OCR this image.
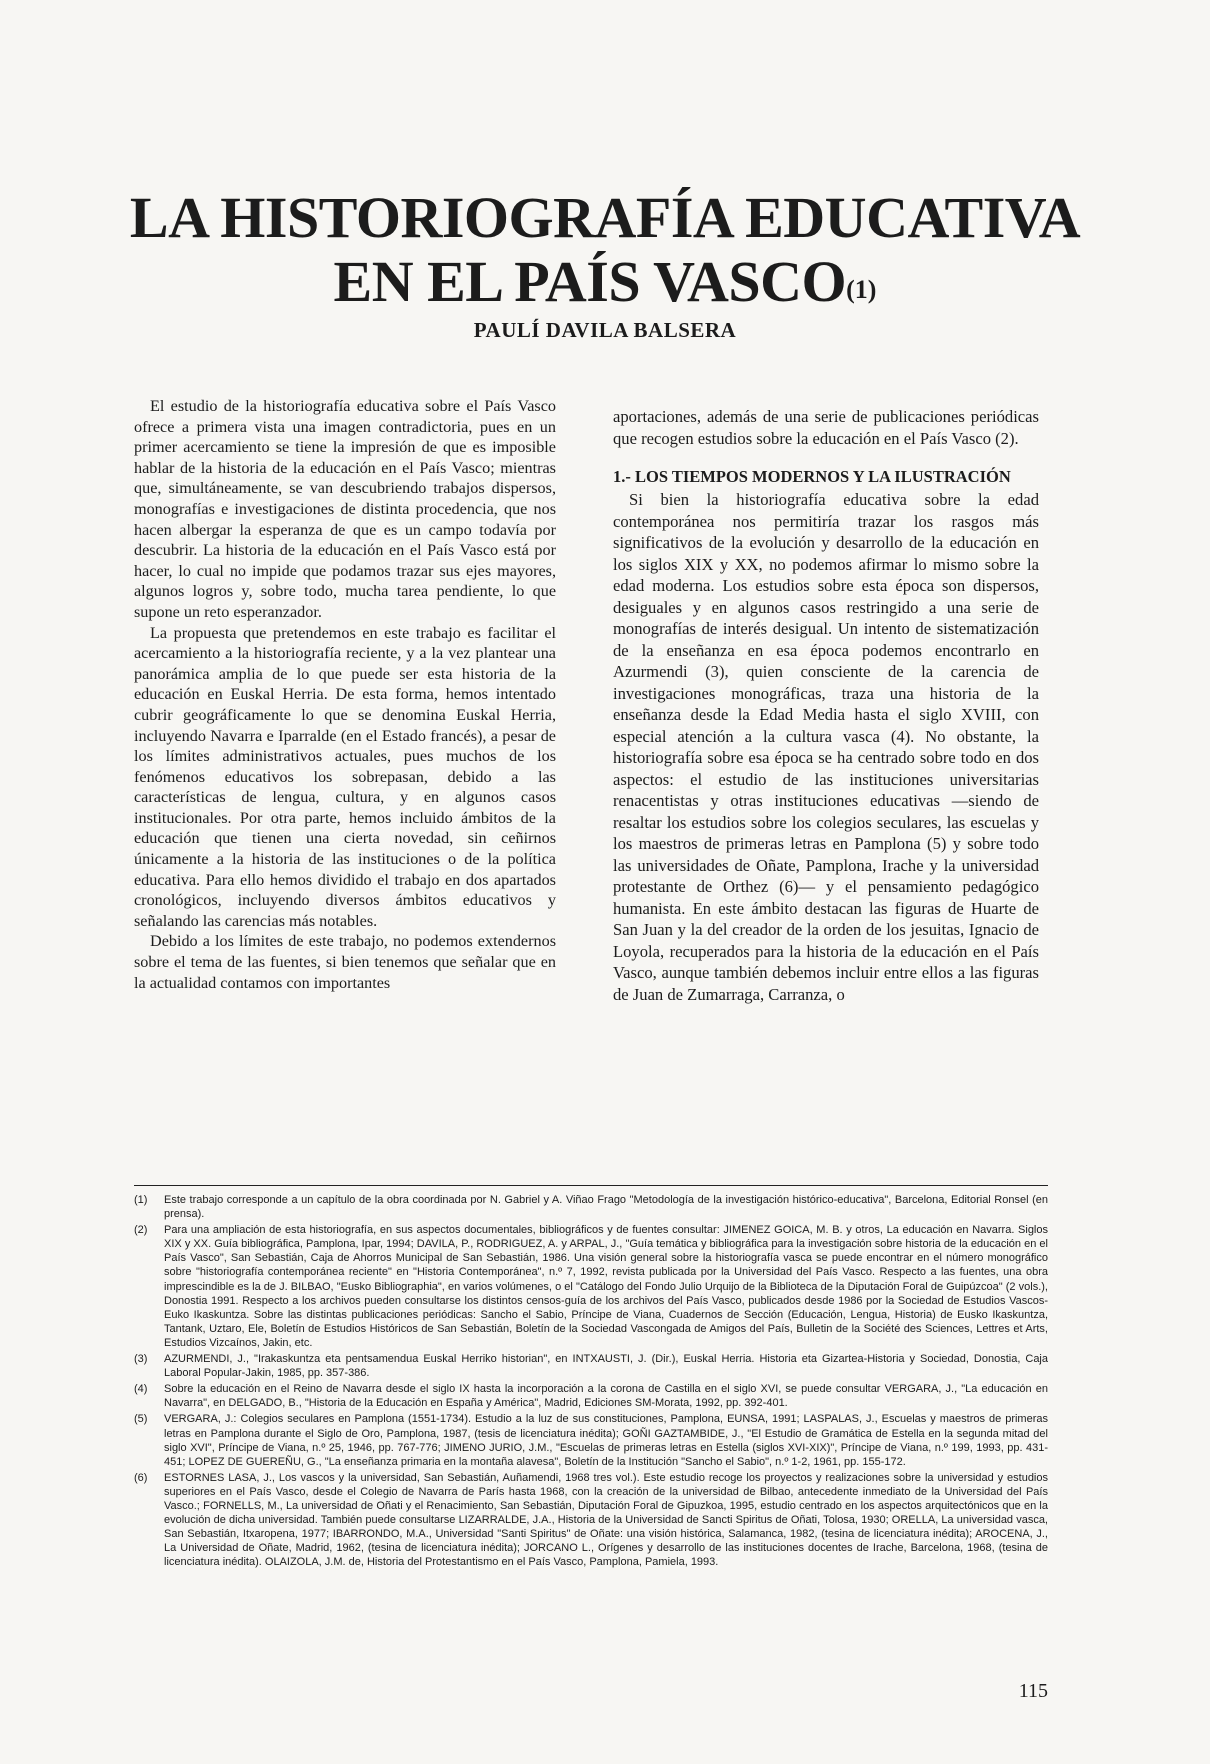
LA HISTORIOGRAFÍA EDUCATIVA
EN EL PAÍS VASCO$^{(1)}$
PAULÍ DAVILA BALSERA

El estudio de la historiografía educativa sobre el País Vasco ofrece a primera vista una imagen contradictoria, pues en un primer acercamiento se tiene la impresión de que es imposible hablar de la historia de la educación en el País Vasco; mientras que, simultáneamente, se van descubriendo trabajos dispersos, monografías e investigaciones de distinta procedencia, que nos hacen albergar la esperanza de que es un campo todavía por descubrir. La historia de la educación en el País Vasco está por hacer, lo cual no impide que podamos trazar sus ejes mayores, algunos logros y, sobre todo, mucha tarea pendiente, lo que supone un reto esperanzador.

La propuesta que pretendemos en este trabajo es facilitar el acercamiento a la historiografía reciente, y a la vez plantear una panorámica amplia de lo que puede ser esta historia de la educación en Euskal Herria. De esta forma, hemos intentado cubrir geográficamente lo que se denomina Euskal Herria, incluyendo Navarra e Iparralde (en el Estado francés), a pesar de los límites administrativos actuales, pues muchos de los fenómenos educativos los sobrepasan, debido a las características de lengua, cultura, y en algunos casos institucionales. Por otra parte, hemos incluido ámbitos de la educación que tienen una cierta novedad, sin ceñirnos únicamente a la historia de las instituciones o de la política educativa. Para ello hemos dividido el trabajo en dos apartados cronológicos, incluyendo diversos ámbitos educativos y señalando las carencias más notables.

Debido a los límites de este trabajo, no podemos extendernos sobre el tema de las fuentes, si bien tenemos que señalar que en la actualidad contamos con importantes

aportaciones, además de una serie de publicaciones periódicas que recogen estudios sobre la educación en el País Vasco (2).

1.- LOS TIEMPOS MODERNOS Y LA ILUSTRACIÓN

Si bien la historiografía educativa sobre la edad contemporánea nos permitiría trazar los rasgos más significativos de la evolución y desarrollo de la educación en los siglos XIX y XX, no podemos afirmar lo mismo sobre la edad moderna. Los estudios sobre esta época son dispersos, desiguales y en algunos casos restringido a una serie de monografías de interés desigual. Un intento de sistematización de la enseñanza en esa época podemos encontrarlo en Azurmendi (3), quien consciente de la carencia de investigaciones monográficas, traza una historia de la enseñanza desde la Edad Media hasta el siglo XVIII, con especial atención a la cultura vasca (4). No obstante, la historiografía sobre esa época se ha centrado sobre todo en dos aspectos: el estudio de las instituciones universitarias renacentistas y otras instituciones educativas —siendo de resaltar los estudios sobre los colegios seculares, las escuelas y los maestros de primeras letras en Pamplona (5) y sobre todo las universidades de Oñate, Pamplona, Irache y la universidad protestante de Orthez (6)— y el pensamiento pedagógico humanista. En este ámbito destacan las figuras de Huarte de San Juan y la del creador de la orden de los jesuitas, Ignacio de Loyola, recuperados para la historia de la educación en el País Vasco, aunque también debemos incluir entre ellos a las figuras de Juan de Zumarraga, Carranza, o

(1)	Este trabajo corresponde a un capítulo de la obra coordinada por N. Gabriel y A. Viñao Frago "Metodología de la investigación histórico-educativa", Barcelona, Editorial Ronsel (en prensa).
(2)	Para una ampliación de esta historiografía, en sus aspectos documentales, bibliográficos y de fuentes consultar: JIMENEZ GOICA, M. B. y otros, La educación en Navarra. Siglos XIX y XX. Guía bibliográfica, Pamplona, Ipar, 1994; DAVILA, P., RODRIGUEZ, A. y ARPAL, J., "Guía temática y bibliográfica para la investigación sobre historia de la educación en el País Vasco", San Sebastián, Caja de Ahorros Municipal de San Sebastián, 1986. Una visión general sobre la historiografía vasca se puede encontrar en el número monográfico sobre "historiografía contemporánea reciente" en "Historia Contemporánea", n.º 7, 1992, revista publicada por la Universidad del País Vasco. Respecto a las fuentes, una obra imprescindible es la de J. BILBAO, "Eusko Bibliographia", en varios volúmenes, o el "Catálogo del Fondo Julio Urquijo de la Biblioteca de la Diputación Foral de Guipúzcoa" (2 vols.), Donostia 1991. Respecto a los archivos pueden consultarse los distintos censos-guía de los archivos del País Vasco, publicados desde 1986 por la Sociedad de Estudios Vascos-Euko Ikaskuntza. Sobre las distintas publicaciones periódicas: Sancho el Sabio, Príncipe de Viana, Cuadernos de Sección (Educación, Lengua, Historia) de Eusko Ikaskuntza, Tantank, Uztaro, Ele, Boletín de Estudios Históricos de San Sebastián, Boletín de la Sociedad Vascongada de Amigos del País, Bulletin de la Société des Sciences, Lettres et Arts, Estudios Vizcaínos, Jakin, etc.
(3)	AZURMENDI, J., "Irakaskuntza eta pentsamendua Euskal Herriko historian", en INTXAUSTI, J. (Dir.), Euskal Herria. Historia eta Gizartea-Historia y Sociedad, Donostia, Caja Laboral Popular-Jakin, 1985, pp. 357-386.
(4)	Sobre la educación en el Reino de Navarra desde el siglo IX hasta la incorporación a la corona de Castilla en el siglo XVI, se puede consultar VERGARA, J., "La educación en Navarra", en DELGADO, B., "Historia de la Educación en España y América", Madrid, Ediciones SM-Morata, 1992, pp. 392-401.
(5)	VERGARA, J.: Colegios seculares en Pamplona (1551-1734). Estudio a la luz de sus constituciones, Pamplona, EUNSA, 1991; LASPALAS, J., Escuelas y maestros de primeras letras en Pamplona durante el Siglo de Oro, Pamplona, 1987, (tesis de licenciatura inédita); GOÑI GAZTAMBIDE, J., "El Estudio de Gramática de Estella en la segunda mitad del siglo XVI", Príncipe de Viana, n.º 25, 1946, pp. 767-776; JIMENO JURIO, J.M., "Escuelas de primeras letras en Estella (siglos XVI-XIX)", Príncipe de Viana, n.º 199, 1993, pp. 431-451; LOPEZ DE GUEREÑU, G., "La enseñanza primaria en la montaña alavesa", Boletín de la Institución "Sancho el Sabio", n.º 1-2, 1961, pp. 155-172.
(6)	ESTORNES LASA, J., Los vascos y la universidad, San Sebastián, Auñamendi, 1968 tres vol.). Este estudio recoge los proyectos y realizaciones sobre la universidad y estudios superiores en el País Vasco, desde el Colegio de Navarra de París hasta 1968, con la creación de la universidad de Bilbao, antecedente inmediato de la Universidad del País Vasco.; FORNELLS, M., La universidad de Oñati y el Renacimiento, San Sebastián, Diputación Foral de Gipuzkoa, 1995, estudio centrado en los aspectos arquitectónicos que en la evolución de dicha universidad. También puede consultarse LIZARRALDE, J.A., Historia de la Universidad de Sancti Spiritus de Oñati, Tolosa, 1930; ORELLA, La universidad vasca, San Sebastián, Itxaropena, 1977; IBARRONDO, M.A., Universidad "Santi Spiritus" de Oñate: una visión histórica, Salamanca, 1982, (tesina de licenciatura inédita); AROCENA, J., La Universidad de Oñate, Madrid, 1962, (tesina de licenciatura inédita); JORCANO L., Orígenes y desarrollo de las instituciones docentes de Irache, Barcelona, 1968, (tesina de licenciatura inédita). OLAIZOLA, J.M. de, Historia del Protestantismo en el País Vasco, Pamplona, Pamiela, 1993.
115
